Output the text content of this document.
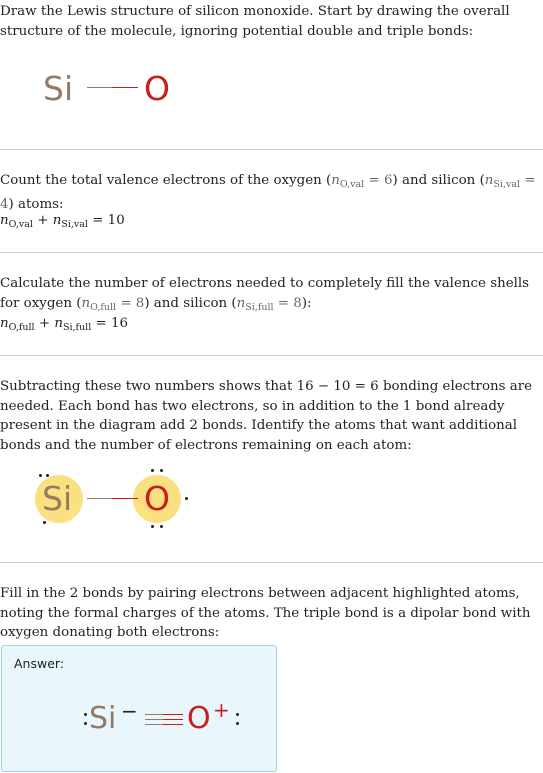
Draw the Lewis structure of silicon monoxide. Start by drawing the overall structure of the molecule, ignoring potential double and triple bonds:
Si O
Count the total valence electrons of the oxygen $(n_{O,val} = 6)$ and silicon $(n_{Si,val} = 4)$ atoms:
$n_{O,val} + n_{Si,val} = 10$
Calculate the number of electrons needed to completely fill the valence shells for oxygen $(n_{O,full} = 8)$ and silicon $(n_{Si,full} = 8)$:
$n_{O,full} + n_{Si,full} = 16$
Subtracting these two numbers shows that 16 − 10 = 6 bonding electrons are needed. Each bond has two electrons, so in addition to the 1 bond already present in the diagram add 2 bonds. Identify the atoms that want additional bonds and the number of electrons remaining on each atom:
Si O
Fill in the 2 bonds by pairing electrons between adjacent highlighted atoms, noting the formal charges of the atoms. The triple bond is a dipolar bond with oxygen donating both electrons:
Answer:
Si − O +
